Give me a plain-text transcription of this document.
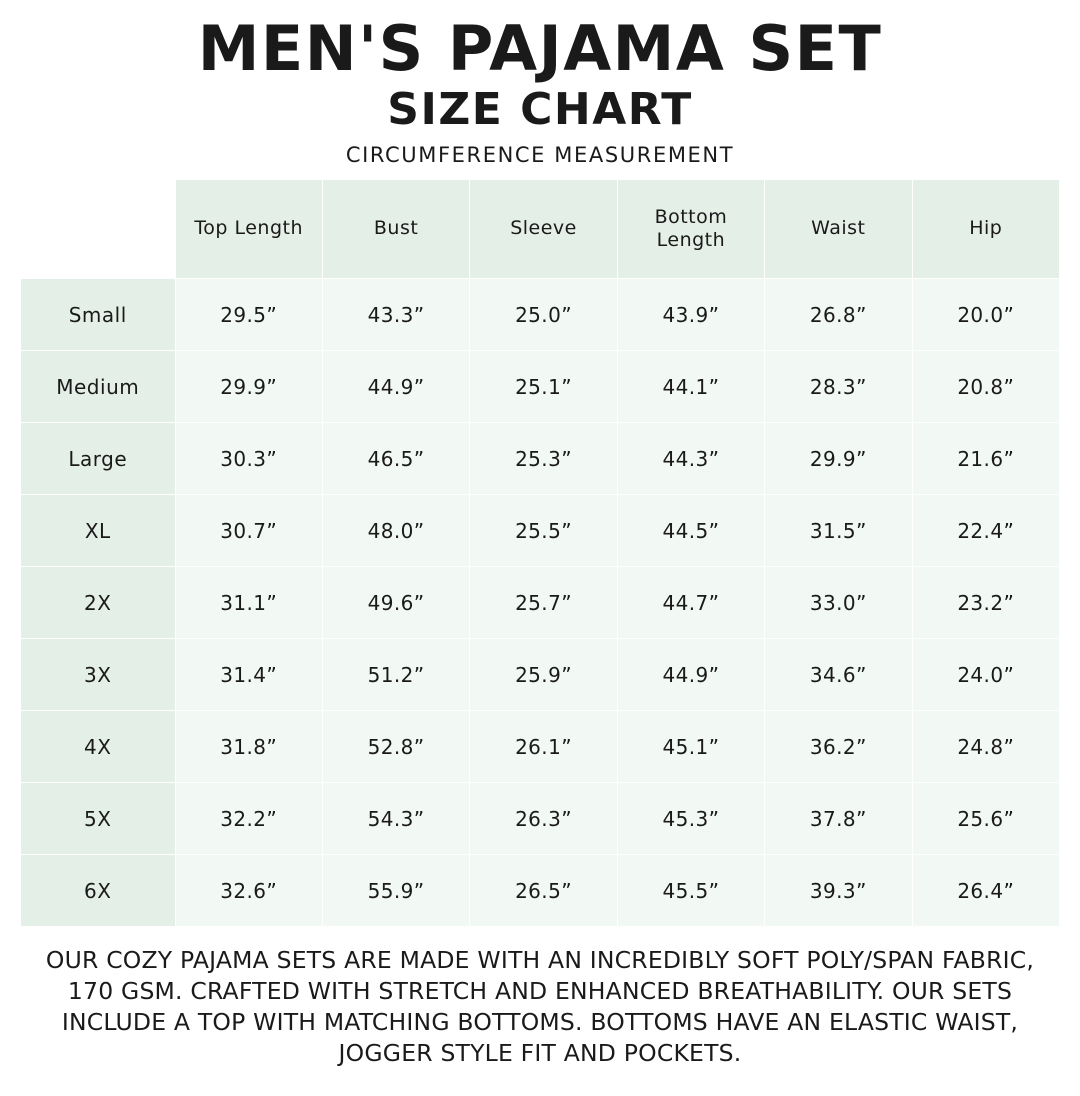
MEN'S PAJAMA SET
SIZE CHART
CIRCUMFERENCE MEASUREMENT
	Top Length	Bust	Sleeve	Bottom Length	Waist	Hip
Small	29.5”	43.3”	25.0”	43.9”	26.8”	20.0”
Medium	29.9”	44.9”	25.1”	44.1”	28.3”	20.8”
Large	30.3”	46.5”	25.3”	44.3”	29.9”	21.6”
XL	30.7”	48.0”	25.5”	44.5”	31.5”	22.4”
2X	31.1”	49.6”	25.7”	44.7”	33.0”	23.2”
3X	31.4”	51.2”	25.9”	44.9”	34.6”	24.0”
4X	31.8”	52.8”	26.1”	45.1”	36.2”	24.8”
5X	32.2”	54.3”	26.3”	45.3”	37.8”	25.6”
6X	32.6”	55.9”	26.5”	45.5”	39.3”	26.4”
OUR COZY PAJAMA SETS ARE MADE WITH AN INCREDIBLY SOFT POLY/SPAN FABRIC, 170 GSM. CRAFTED WITH STRETCH AND ENHANCED BREATHABILITY. OUR SETS INCLUDE A TOP WITH MATCHING BOTTOMS. BOTTOMS HAVE AN ELASTIC WAIST, JOGGER STYLE FIT AND POCKETS.
